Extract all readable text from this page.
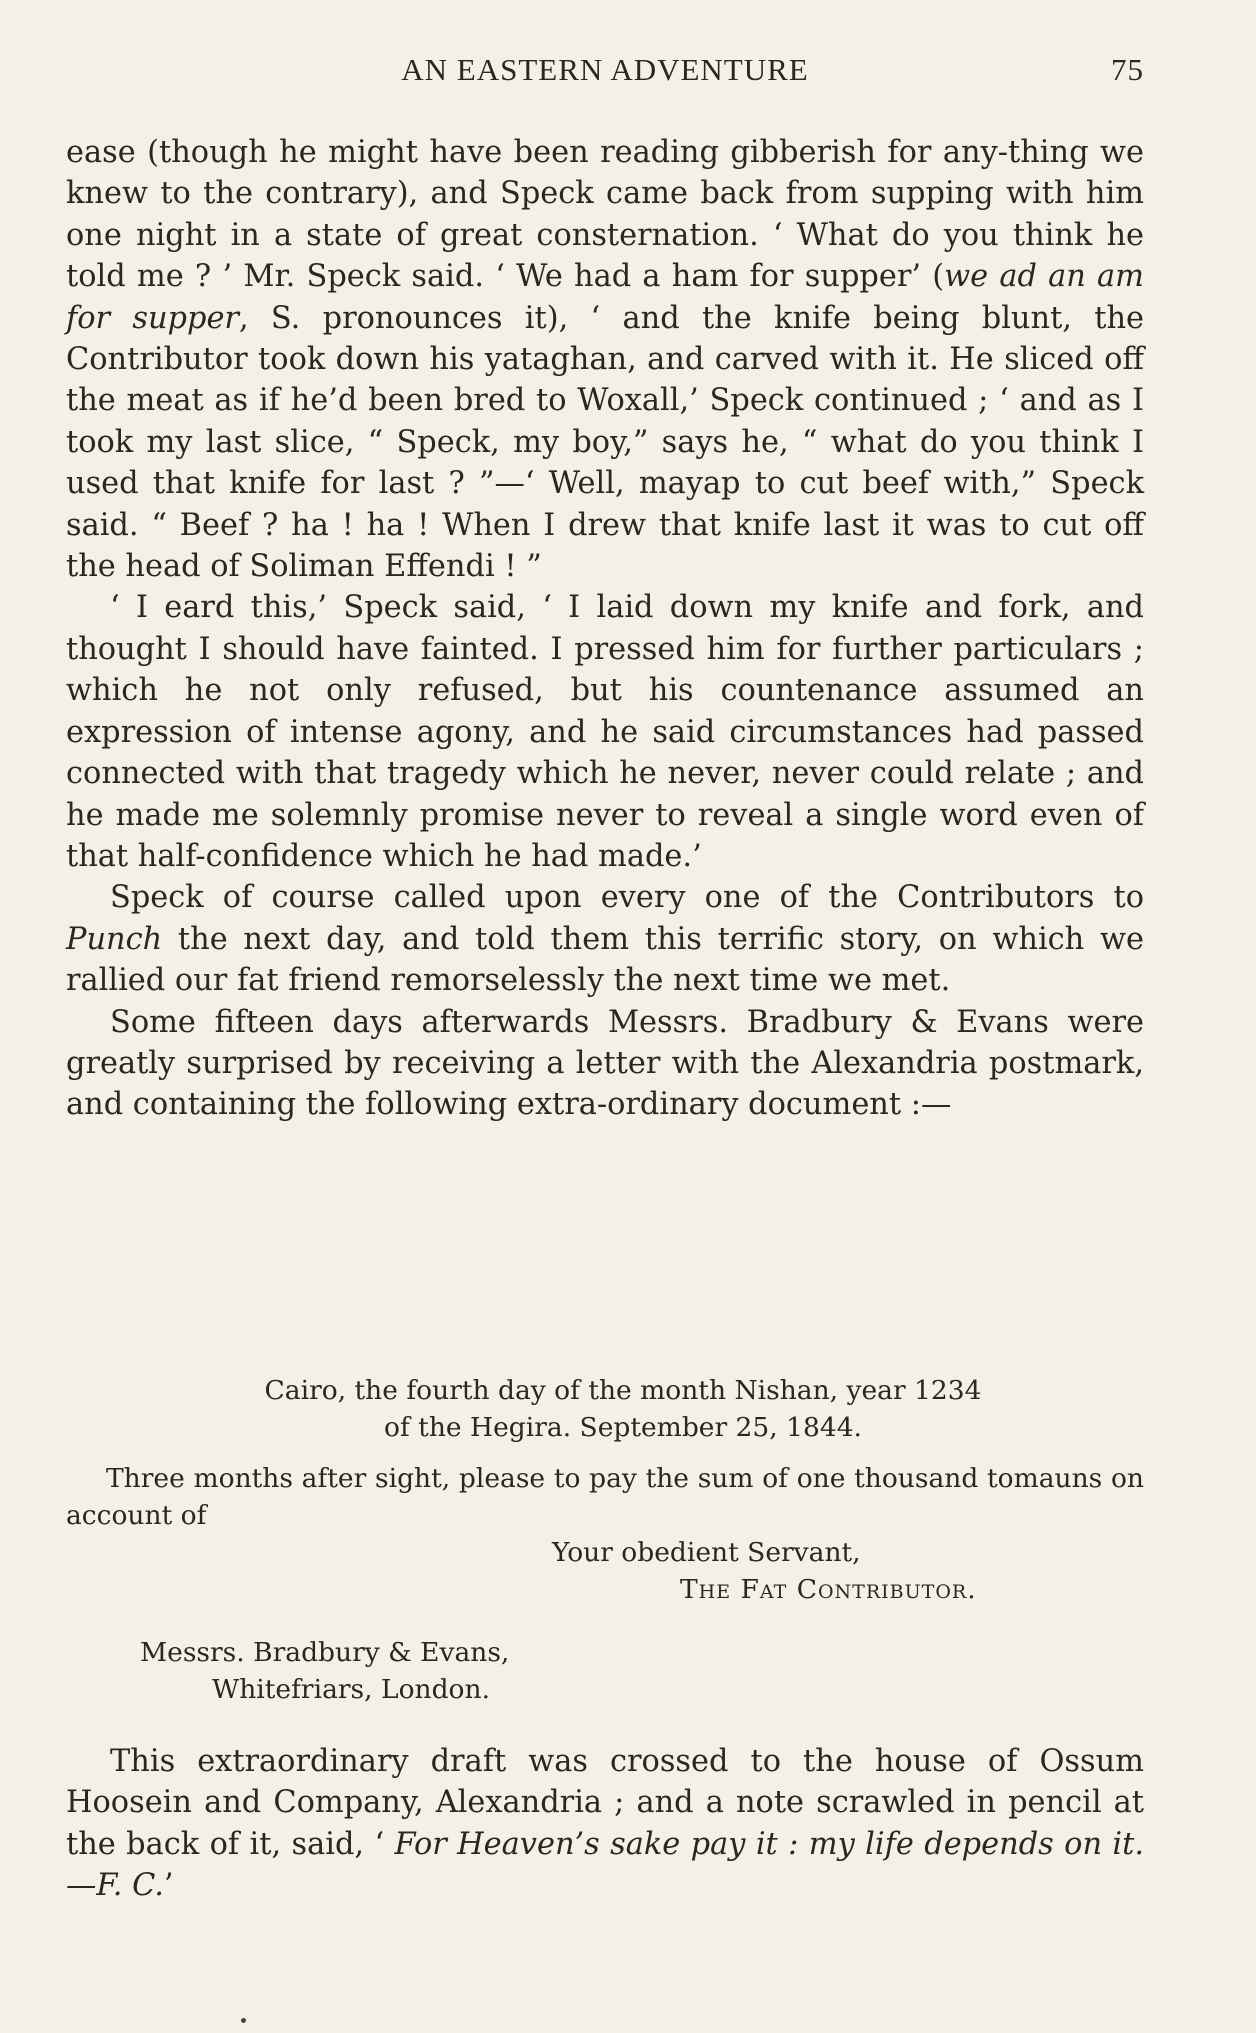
AN EASTERN ADVENTURE	75

ease (though he might have been reading gibberish for any-thing we knew to the contrary), and Speck came back from supping with him one night in a state of great consternation. ‘ What do you think he told me ? ’ Mr. Speck said. ‘ We had a ham for supper’ (we ad an am for supper, S. pronounces it), ‘ and the knife being blunt, the Contributor took down his yataghan, and carved with it. He sliced off the meat as if he’d been bred to Woxall,’ Speck continued ; ‘ and as I took my last slice, “ Speck, my boy,” says he, “ what do you think I used that knife for last ? ”—‘ Well, mayap to cut beef with,” Speck said. “ Beef ? ha ! ha ! When I drew that knife last it was to cut off the head of Soliman Effendi ! ”

‘ I eard this,’ Speck said, ‘ I laid down my knife and fork, and thought I should have fainted. I pressed him for further particulars ; which he not only refused, but his countenance assumed an expression of intense agony, and he said circumstances had passed connected with that tragedy which he never, never could relate ; and he made me solemnly promise never to reveal a single word even of that half-confidence which he had made.’

Speck of course called upon every one of the Contributors to Punch the next day, and told them this terrific story, on which we rallied our fat friend remorselessly the next time we met.

Some fifteen days afterwards Messrs. Bradbury & Evans were greatly surprised by receiving a letter with the Alexandria postmark, and containing the following extra-ordinary document :—

Cairo, the fourth day of the month Nishan, year 1234
of the Hegira. September 25, 1844.
Three months after sight, please to pay the sum of one thousand tomauns on account of
Your obedient Servant,
The Fat Contributor.
Messrs. Bradbury & Evans,
Whitefriars, London.

This extraordinary draft was crossed to the house of Ossum Hoosein and Company, Alexandria ; and a note scrawled in pencil at the back of it, said, ‘ For Heaven’s sake pay it : my life depends on it.—F. C.’
